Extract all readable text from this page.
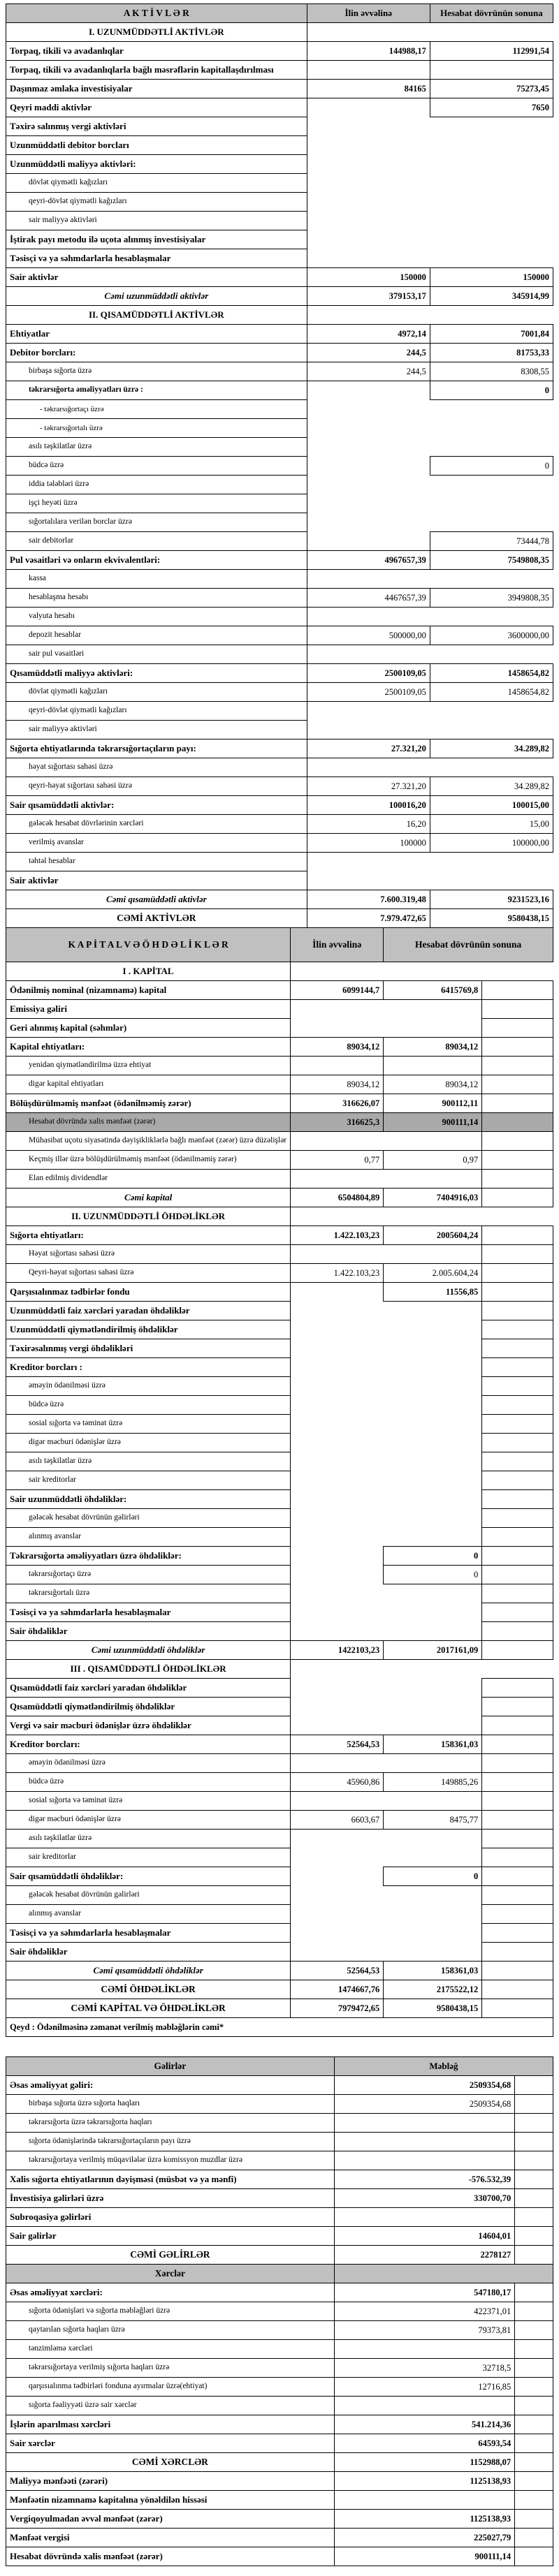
A K T İ V L Ə R	İlin əvvəlinə	Hesabat dövrünün sonuna
I. UZUNMÜDDƏTLİ AKTİVLƏR		
Torpaq, tikili və avadanlıqlar	144988,17	112991,54
Torpaq, tikili və avadanlıqlarla bağlı məsrəflərin kapitallaşdırılması		
Daşınmaz əmlaka investisiyalar	84165	75273,45
Qeyri maddi aktivlər		7650
Təxirə salınmış vergi aktivləri		
Uzunmüddətli debitor borcları		
Uzunmüddətli maliyyə aktivləri:		
dövlət qiymətli kağızları		
qeyri-dövlət qiymətli kağızları		
sair maliyyə aktivləri		
İştirak payı metodu ilə uçota alınmış investisiyalar		
Təsisçi və ya səhmdarlarla hesablaşmalar		
Sair aktivlər	150000	150000
Cəmi uzunmüddətli aktivlər	379153,17	345914,99
II. QISAMÜDDƏTLİ AKTİVLƏR		
Ehtiyatlar	4972,14	7001,84
Debitor borcları:	244,5	81753,33
birbaşa sığorta üzrə	244,5	8308,55
təkrarsığorta əməliyyatları üzrə :		0
- təkrarsığortaçı üzrə		
- təkrarsığortalı üzrə		
asılı təşkilatlar üzrə		
büdcə üzrə		0
iddia tələbləri üzrə		
işçi heyəti üzrə		
sığortalılara verilən borclar üzrə		
sair debitorlar		73444,78
Pul vəsaitləri və onların ekvivalentləri:	4967657,39	7549808,35
kassa		
hesablaşma hesabı	4467657,39	3949808,35
valyuta hesabı		
depozit hesablar	500000,00	3600000,00
sair pul vəsaitləri		
Qısamüddətli maliyyə aktivləri:	2500109,05	1458654,82
dövlət qiymətli kağızları	2500109,05	1458654,82
qeyri-dövlət qiymətli kağızları		
sair maliyyə aktivləri		
Sığorta ehtiyatlarında təkrarsığortaçıların payı:	27.321,20	34.289,82
həyat sığortası sahəsi üzrə		
qeyri-həyat sığortası sahəsi üzrə	27.321,20	34.289,82
Sair qısamüddətli aktivlər:	100016,20	100015,00
gələcək hesabat dövrlərinin xərcləri	16,20	15,00
verilmiş avanslar	100000	100000,00
təhtəl hesablar		
Sair aktivlər		
Cəmi qısamüddətli aktivlər	7.600.319,48	9231523,16
CƏMİ AKTİVLƏR	7.979.472,65	9580438,15
K A P İ T A L V Ə Ö H D Ə L İ K L Ə R	İlin əvvəlinə	Hesabat dövrünün sonuna	
I . KAPİTAL			
Ödənilmiş nominal (nizamnamə) kapital	6099144,7	6415769,8	
Emissiya gəliri			
Geri alınmış kapital (səhmlər)			
Kapital ehtiyatları:	89034,12	89034,12	
yenidən qiymətləndirilmə üzrə ehtiyat			
digər kapital ehtiyatları	89034,12	89034,12	
Bölüşdürülməmiş mənfəət (ödənilməmiş zərər)	316626,07	900112,11	
Hesabat dövründə xalis mənfəət (zərər)	316625,3	900111,14	
Mühasibat uçotu siyasətində dəyişikliklərlə bağlı mənfəət (zərər) üzrə düzəlişlər			
Keçmiş illər üzrə bölüşdürülməmiş mənfəət (ödənilməmiş zərər)	0,77	0,97	
Elan edilmiş dividendlər			
Cəmi kapital	6504804,89	7404916,03	
II. UZUNMÜDDƏTLİ ÖHDƏLİKLƏR			
Sığorta ehtiyatları:	1.422.103,23	2005604,24	
Həyat sığortası sahəsi üzrə			
Qeyri-həyat sığortası sahəsi üzrə	1.422.103,23	2.005.604,24	
Qarşısıalınmaz tədbirlər fondu		11556,85	
Uzunmüddətli faiz xərcləri yaradan öhdəliklər			
Uzunmüddətli qiymətləndirilmiş öhdəliklər			
Təxirəsalınmış vergi öhdəlikləri			
Kreditor borcları :			
əməyin ödənilməsi üzrə			
büdcə üzrə			
sosial sığorta və təminat üzrə			
digər məcburi ödənişlər üzrə			
asılı təşkilatlar üzrə			
sair kreditorlar			
Sair uzunmüddətli öhdəliklər:			
gələcək hesabat dövrünün gəlirləri			
alınmış avanslar			
Təkrarsığorta əməliyyatları üzrə öhdəliklər:		0	
təkrarsığortaçı üzrə		0	
təkrarsığortalı üzrə			
Təsisçi və ya səhmdarlarla hesablaşmalar			
Sair öhdəliklər			
Cəmi uzunmüddətli öhdəliklər	1422103,23	2017161,09	
III . QISAMÜDDƏTLİ ÖHDƏLİKLƏR			
Qısamüddətli faiz xərcləri yaradan öhdəliklər			
Qısamüddətli qiymətləndirilmiş öhdəliklər			
Vergi və sair məcburi ödənişlər üzrə öhdəliklər			
Kreditor borcları:	52564,53	158361,03	
əməyin ödənilməsi üzrə			
büdcə üzrə	45960,86	149885,26	
sosial sığorta və təminat üzrə			
digər məcburi ödənişlər üzrə	6603,67	8475,77	
asılı təşkilatlar üzrə			
sair kreditorlar			
Sair qısamüddətli öhdəliklər:		0	
gələcək hesabat dövrünün gəlirləri			
alınmış avanslar			
Təsisçi və ya səhmdarlarla hesablaşmalar			
Sair öhdəliklər			
Cəmi qısamüddətli öhdəliklər	52564,53	158361,03	
CƏMİ ÖHDƏLİKLƏR	1474667,76	2175522,12	
CƏMİ KAPİTAL VƏ ÖHDƏLİKLƏR	7979472,65	9580438,15	
Qeyd : Ödənilməsinə zəmanət verilmiş məbləğlərin cəmi*			
Gəlirlər	Məbləğ	
Əsas əməliyyat gəliri:	2509354,68	
birbaşa sığorta üzrə sığorta haqları	2509354,68	
təkrarsığorta üzrə təkrarsığorta haqları		
sığorta ödənişlərində təkrarsığortaçıların payı üzrə		
təkrarsığortaya verilmiş müqavilələr üzrə komissyon muzdlar üzrə		
Xalis sığorta ehtiyatlarının dəyişməsi (müsbət və ya mənfi)	-576.532,39	
İnvestisiya gəlirləri üzrə	330700,70	
Subroqasiya gəlirləri		
Sair gəlirlər	14604,01	
CƏMİ GƏLİRLƏR	2278127	
Xərclər		
Əsas əməliyyat xərcləri:	547180,17	
sığorta ödənişləri və sığorta məbləğləri üzrə	422371,01	
qaytarılan sığorta haqları üzrə	79373,81	
tənzimləmə xərcləri		
təkrarsığortaya verilmiş sığorta haqları üzrə	32718,5	
qarşısıalınma tədbirləri fonduna ayırmalar üzrə(ehtiyat)	12716,85	
sığorta fəaliyyəti üzrə sair xərclər		
İşlərin aparılması xərcləri	541.214,36	
Sair xərclər	64593,54	
CƏMİ XƏRCLƏR	1152988,07	
Maliyyə mənfəəti (zərəri)	1125138,93	
Mənfəətin nizamnamə kapitalına yönəldilən hissəsi		
Vergiqoyulmadan əvvəl mənfəət (zərər)	1125138,93	
Mənfəət vergisi	225027,79	
Hesabat dövründə xalis mənfəət (zərər)	900111,14	
